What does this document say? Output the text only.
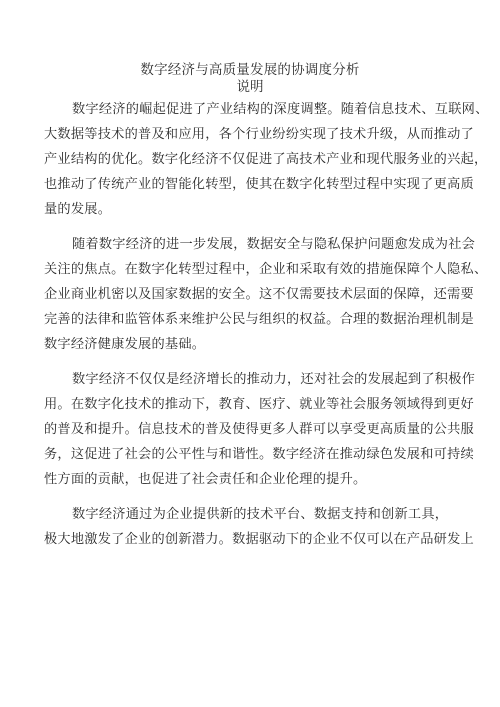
数字经济与高质量发展的协调度分析
说明
数字经济的崛起促进了产业结构的深度调整。随着信息技术、互联网、
大数据等技术的普及和应用，各个行业纷纷实现了技术升级，从而推动了
产业结构的优化。数字化经济不仅促进了高技术产业和现代服务业的兴起，
也推动了传统产业的智能化转型，使其在数字化转型过程中实现了更高质
量的发展。
随着数字经济的进一步发展，数据安全与隐私保护问题愈发成为社会
关注的焦点。在数字化转型过程中，企业和采取有效的措施保障个人隐私、
企业商业机密以及国家数据的安全。这不仅需要技术层面的保障，还需要
完善的法律和监管体系来维护公民与组织的权益。合理的数据治理机制是
数字经济健康发展的基础。
数字经济不仅仅是经济增长的推动力，还对社会的发展起到了积极作
用。在数字化技术的推动下，教育、医疗、就业等社会服务领域得到更好
的普及和提升。信息技术的普及使得更多人群可以享受更高质量的公共服
务，这促进了社会的公平性与和谐性。数字经济在推动绿色发展和可持续
性方面的贡献，也促进了社会责任和企业伦理的提升。
数字经济通过为企业提供新的技术平台、数据支持和创新工具，
极大地激发了企业的创新潜力。数据驱动下的企业不仅可以在产品研发上
